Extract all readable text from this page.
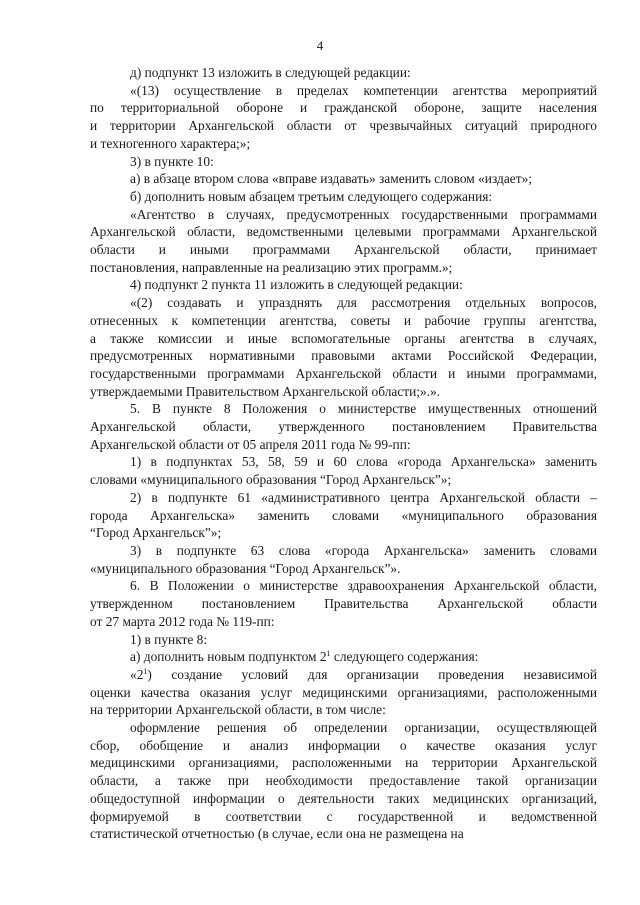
4
д) подпункт 13 изложить в следующей редакции:
«(13) осуществление в пределах компетенции агентства мероприятий
по территориальной обороне и гражданской обороне, защите населения
и территории Архангельской области от чрезвычайных ситуаций природного
и техногенного характера;»;
3) в пункте 10:
а) в абзаце втором слова «вправе издавать» заменить словом «издает»;
б) дополнить новым абзацем третьим следующего содержания:
«Агентство в случаях, предусмотренных государственными программами
Архангельской области, ведомственными целевыми программами Архангельской
области и иными программами Архангельской области, принимает
постановления, направленные на реализацию этих программ.»;
4) подпункт 2 пункта 11 изложить в следующей редакции:
«(2) создавать и упразднять для рассмотрения отдельных вопросов,
отнесенных к компетенции агентства, советы и рабочие группы агентства,
а также комиссии и иные вспомогательные органы агентства в случаях,
предусмотренных нормативными правовыми актами Российской Федерации,
государственными программами Архангельской области и иными программами,
утверждаемыми Правительством Архангельской области;».».
5. В пункте 8 Положения о министерстве имущественных отношений
Архангельской области, утвержденного постановлением Правительства
Архангельской области от 05 апреля 2011 года № 99-пп:
1) в подпунктах 53, 58, 59 и 60 слова «города Архангельска» заменить
словами «муниципального образования “Город Архангельск”»;
2) в подпункте 61 «административного центра Архангельской области –
города Архангельска» заменить словами «муниципального образования
“Город Архангельск”»;
3) в подпункте 63 слова «города Архангельска» заменить словами
«муниципального образования “Город Архангельск”».
6. В Положении о министерстве здравоохранения Архангельской области,
утвержденном постановлением Правительства Архангельской области
от 27 марта 2012 года № 119-пп:
1) в пункте 8:
а) дополнить новым подпунктом $2^1$ следующего содержания:
«$2^1$) создание условий для организации проведения независимой
оценки качества оказания услуг медицинскими организациями, расположенными
на территории Архангельской области, в том числе:
оформление решения об определении организации, осуществляющей
сбор, обобщение и анализ информации о качестве оказания услуг
медицинскими организациями, расположенными на территории Архангельской
области, а также при необходимости предоставление такой организации
общедоступной информации о деятельности таких медицинских организаций,
формируемой в соответствии с государственной и ведомственной
статистической отчетностью (в случае, если она не размещена на
